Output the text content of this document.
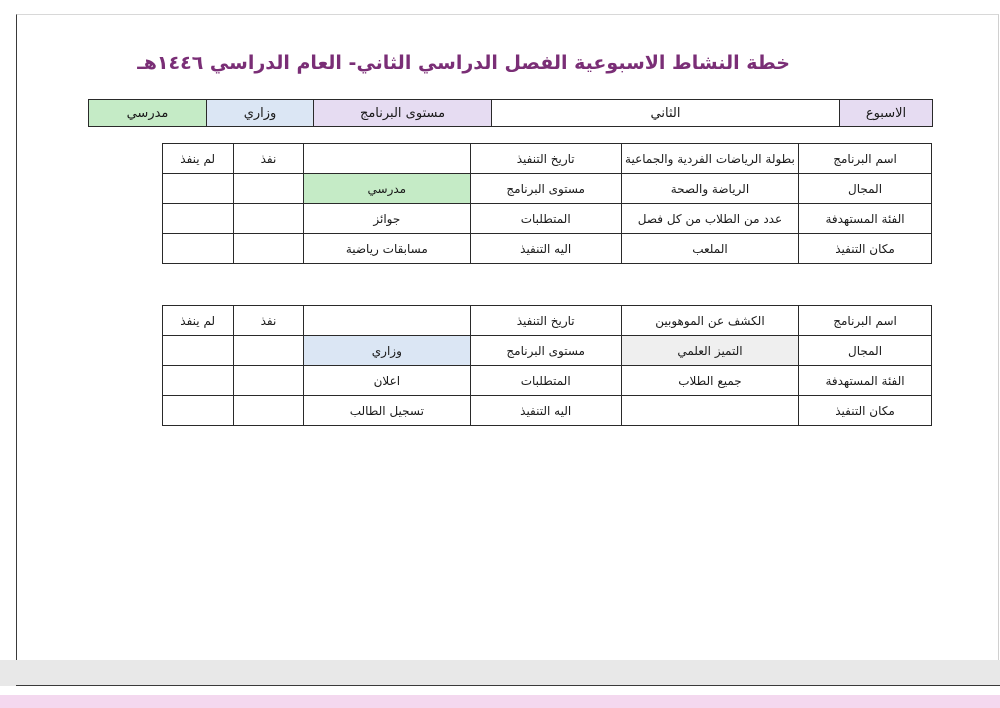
خطة النشاط الاسبوعية الفصل الدراسي الثاني- العام الدراسي ١٤٤٦هـ
الاسبوع	الثاني	مستوى البرنامج	وزاري	مدرسي
اسم البرنامج	بطولة الرياضات الفردية والجماعية	تاريخ التنفيذ		نفذ	لم ينفذ
المجال	الرياضة والصحة	مستوى البرنامج	مدرسي		
الفئة المستهدفة	عدد من الطلاب من كل فصل	المتطلبات	جوائز		
مكان التنفيذ	الملعب	اليه التنفيذ	مسابقات رياضية		
اسم البرنامج	الكشف عن الموهوبين	تاريخ التنفيذ		نفذ	لم ينفذ
المجال	التميز العلمي	مستوى البرنامج	وزاري		
الفئة المستهدفة	جميع الطلاب	المتطلبات	اعلان		
مكان التنفيذ		اليه التنفيذ	تسجيل الطالب		
